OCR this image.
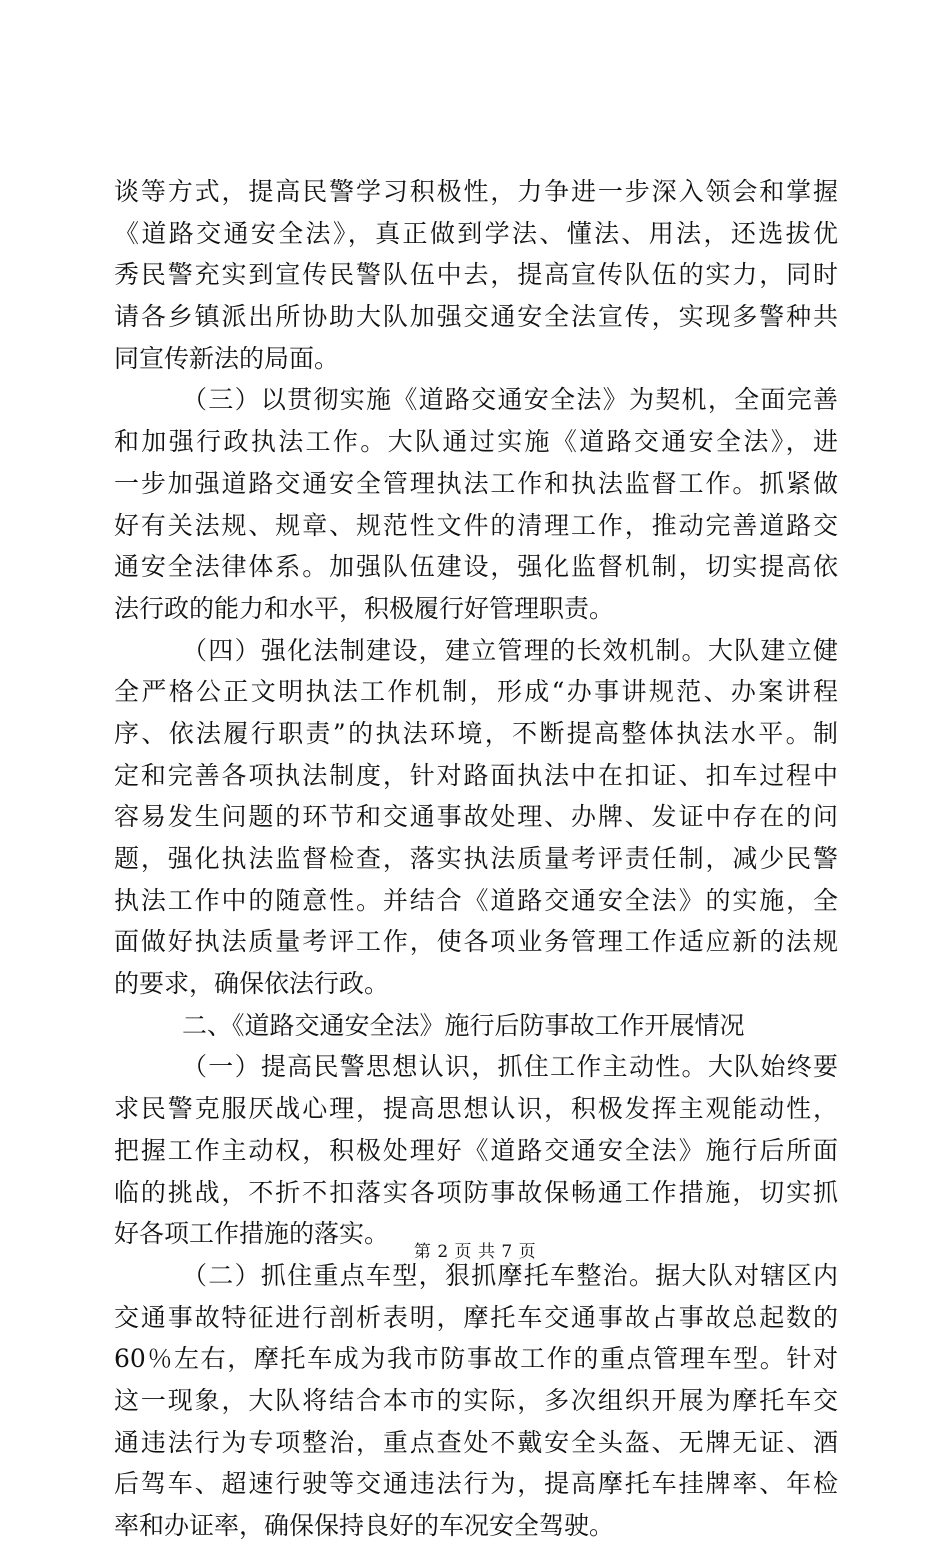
谈等方式，提高民警学习积极性，力争进一步深入领会和掌握
《道路交通安全法》，真正做到学法、懂法、用法，还选拔优
秀民警充实到宣传民警队伍中去，提高宣传队伍的实力，同时
请各乡镇派出所协助大队加强交通安全法宣传，实现多警种共
同宣传新法的局面。
（三）以贯彻实施《道路交通安全法》为契机，全面完善
和加强行政执法工作。大队通过实施《道路交通安全法》，进
一步加强道路交通安全管理执法工作和执法监督工作。抓紧做
好有关法规、规章、规范性文件的清理工作，推动完善道路交
通安全法律体系。加强队伍建设，强化监督机制，切实提高依
法行政的能力和水平，积极履行好管理职责。
（四）强化法制建设，建立管理的长效机制。大队建立健
全严格公正文明执法工作机制，形成“办事讲规范、办案讲程
序、依法履行职责”的执法环境，不断提高整体执法水平。制
定和完善各项执法制度，针对路面执法中在扣证、扣车过程中
容易发生问题的环节和交通事故处理、办牌、发证中存在的问
题，强化执法监督检查，落实执法质量考评责任制，减少民警
执法工作中的随意性。并结合《道路交通安全法》的实施，全
面做好执法质量考评工作，使各项业务管理工作适应新的法规
的要求，确保依法行政。
二、《道路交通安全法》施行后防事故工作开展情况
（一）提高民警思想认识，抓住工作主动性。大队始终要
求民警克服厌战心理，提高思想认识，积极发挥主观能动性，
把握工作主动权，积极处理好《道路交通安全法》施行后所面
临的挑战，不折不扣落实各项防事故保畅通工作措施，切实抓
好各项工作措施的落实。
（二）抓住重点车型，狠抓摩托车整治。据大队对辖区内
交通事故特征进行剖析表明，摩托车交通事故占事故总起数的
60％左右，摩托车成为我市防事故工作的重点管理车型。针对
这一现象，大队将结合本市的实际，多次组织开展为摩托车交
通违法行为专项整治，重点查处不戴安全头盔、无牌无证、酒
后驾车、超速行驶等交通违法行为，提高摩托车挂牌率、年检
率和办证率，确保保持良好的车况安全驾驶。
第 2 页 共 7 页
